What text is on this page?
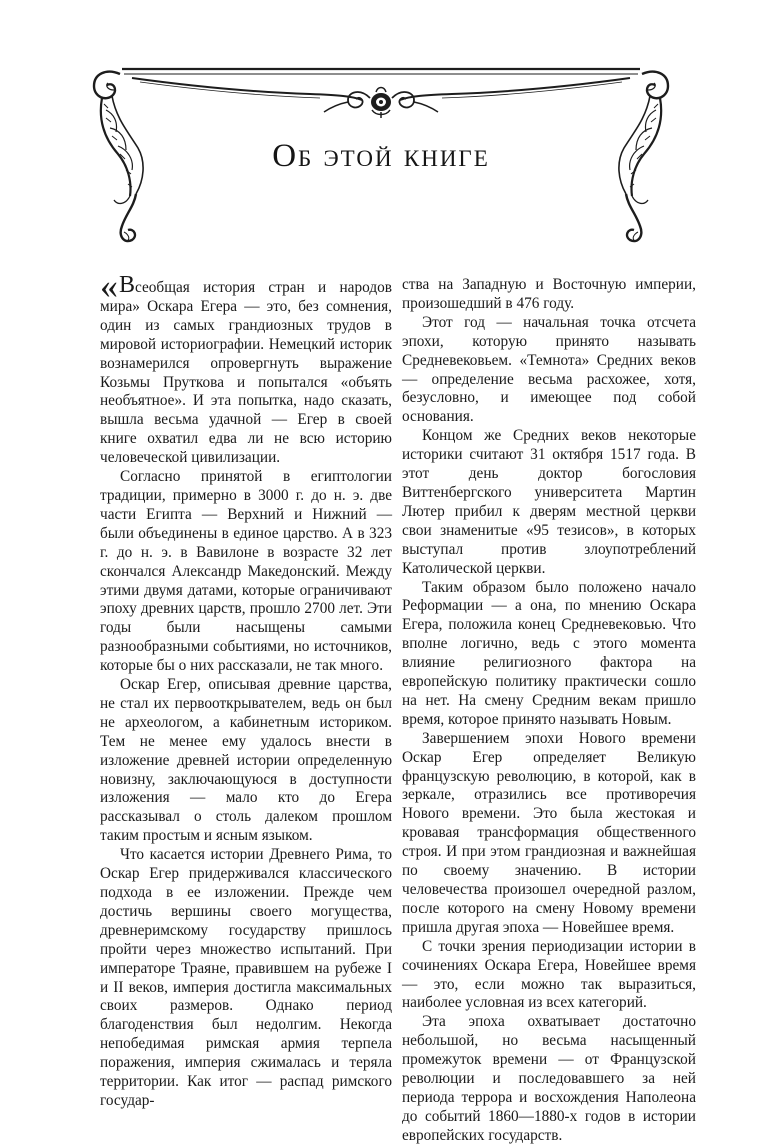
Об этой книге

«Всеобщая история стран и народов мира» Оскара Егера — это, без сомнения, один из самых грандиозных трудов в мировой историографии. Немецкий историк вознамерился опровергнуть выражение Козьмы Пруткова и попытался «объять необъятное». И эта попытка, надо сказать, вышла весьма удачной — Егер в своей книге охватил едва ли не всю историю человеческой цивилизации.

Согласно принятой в египтологии традиции, примерно в 3000 г. до н. э. две части Египта — Верхний и Нижний — были объединены в единое царство. А в 323 г. до н. э. в Вавилоне в возрасте 32 лет скончался Александр Македонский. Между этими двумя датами, которые ограничивают эпоху древних царств, прошло 2700 лет. Эти годы были насыщены самыми разнообразными событиями, но источников, которые бы о них рассказали, не так много.

Оскар Егер, описывая древние царства, не стал их первооткрывателем, ведь он был не археологом, а кабинетным историком. Тем не менее ему удалось внести в изложение древней истории определенную новизну, заключающуюся в доступности изложения — мало кто до Егера рассказывал о столь далеком прошлом таким простым и ясным языком.

Что касается истории Древнего Рима, то Оскар Егер придерживался классического подхода в ее изложении. Прежде чем достичь вершины своего могущества, древнеримскому государству пришлось пройти через множество испытаний. При императоре Траяне, правившем на рубеже I и II веков, империя достигла максимальных своих размеров. Однако период благоденствия был недолгим. Некогда непобедимая римская армия терпела поражения, империя сжималась и теряла территории. Как итог — распад римского государ-

ства на Западную и Восточную империи, произошедший в 476 году.

Этот год — начальная точка отсчета эпохи, которую принято называть Средневековьем. «Темнота» Средних веков — определение весьма расхожее, хотя, безусловно, и имеющее под собой основания.

Концом же Средних веков некоторые историки считают 31 октября 1517 года. В этот день доктор богословия Виттенбергского университета Мартин Лютер прибил к дверям местной церкви свои знаменитые «95 тезисов», в которых выступал против злоупотреблений Католической церкви.

Таким образом было положено начало Реформации — а она, по мнению Оскара Егера, положила конец Средневековью. Что вполне логично, ведь с этого момента влияние религиозного фактора на европейскую политику практически сошло на нет. На смену Средним векам пришло время, которое принято называть Новым.

Завершением эпохи Нового времени Оскар Егер определяет Великую французскую революцию, в которой, как в зеркале, отразились все противоречия Нового времени. Это была жестокая и кровавая трансформация общественного строя. И при этом грандиозная и важнейшая по своему значению. В истории человечества произошел очередной разлом, после которого на смену Новому времени пришла другая эпоха — Новейшее время.

С точки зрения периодизации истории в сочинениях Оскара Егера, Новейшее время — это, если можно так выразиться, наиболее условная из всех категорий.

Эта эпоха охватывает достаточно небольшой, но весьма насыщенный промежуток времени — от Французской революции и последовавшего за ней периода террора и восхождения Наполеона до событий 1860—1880-х годов в истории европейских государств.
